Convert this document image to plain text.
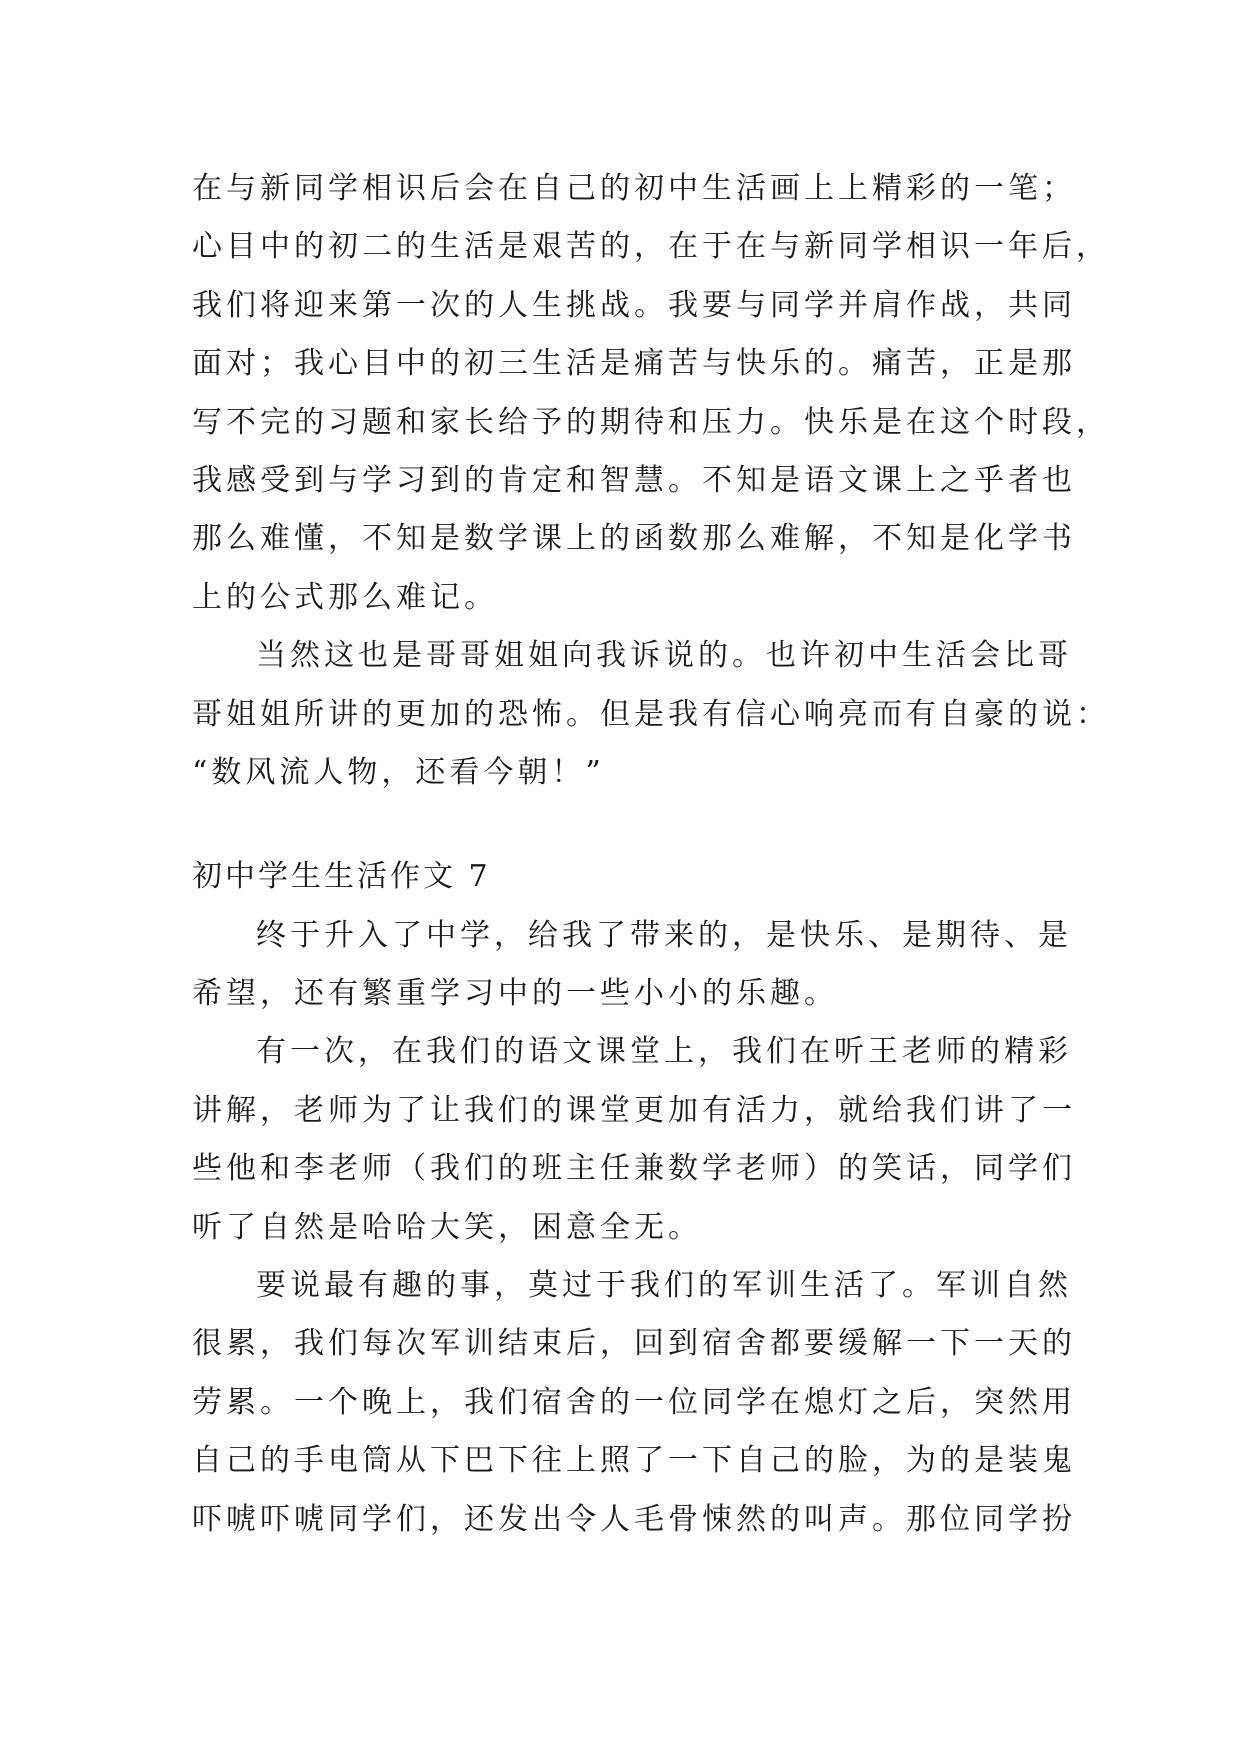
在与新同学相识后会在自己的初中生活画上上精彩的一笔；
心目中的初二的生活是艰苦的，在于在与新同学相识一年后，
我们将迎来第一次的人生挑战。我要与同学并肩作战，共同
面对；我心目中的初三生活是痛苦与快乐的。痛苦，正是那
写不完的习题和家长给予的期待和压力。快乐是在这个时段，
我感受到与学习到的肯定和智慧。不知是语文课上之乎者也
那么难懂，不知是数学课上的函数那么难解，不知是化学书
上的公式那么难记。
当然这也是哥哥姐姐向我诉说的。也许初中生活会比哥
哥姐姐所讲的更加的恐怖。但是我有信心响亮而有自豪的说：
“数风流人物，还看今朝！”
初中学生生活作文 7
终于升入了中学，给我了带来的，是快乐、是期待、是
希望，还有繁重学习中的一些小小的乐趣。
有一次，在我们的语文课堂上，我们在听王老师的精彩
讲解，老师为了让我们的课堂更加有活力，就给我们讲了一
些他和李老师（我们的班主任兼数学老师）的笑话，同学们
听了自然是哈哈大笑，困意全无。
要说最有趣的事，莫过于我们的军训生活了。军训自然
很累，我们每次军训结束后，回到宿舍都要缓解一下一天的
劳累。一个晚上，我们宿舍的一位同学在熄灯之后，突然用
自己的手电筒从下巴下往上照了一下自己的脸，为的是装鬼
吓唬吓唬同学们，还发出令人毛骨悚然的叫声。那位同学扮
